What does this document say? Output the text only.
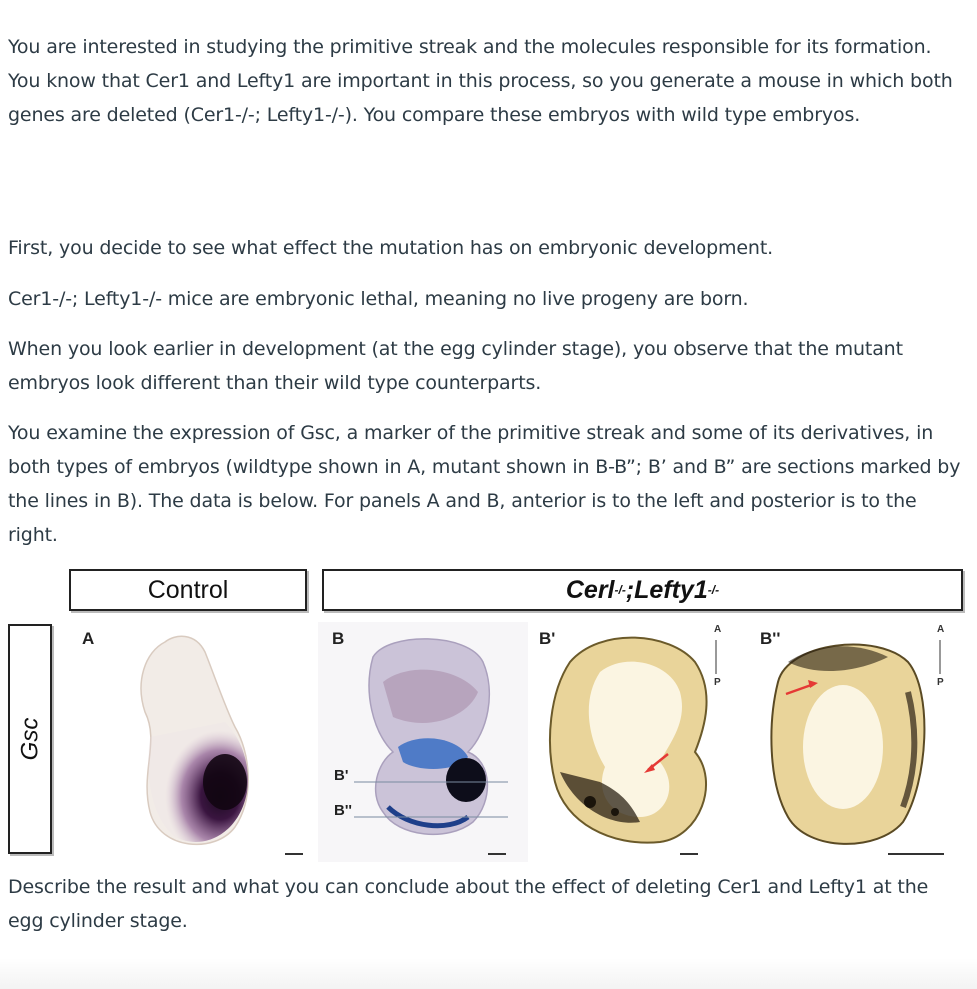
You are interested in studying the primitive streak and the molecules responsible for its formation. You know that Cer1 and Lefty1 are important in this process, so you generate a mouse in which both genes are deleted (Cer1-/-; Lefty1-/-). You compare these embryos with wild type embryos.

First, you decide to see what effect the mutation has on embryonic development.

Cer1-/-; Lefty1-/- mice are embryonic lethal, meaning no live progeny are born.

When you look earlier in development (at the egg cylinder stage), you observe that the mutant embryos look different than their wild type counterparts.

You examine the expression of Gsc, a marker of the primitive streak and some of its derivatives, in both types of embryos (wildtype shown in A, mutant shown in B-B”; B’ and B” are sections marked by the lines in B). The data is below. For panels A and B, anterior is to the left and posterior is to the right.

Control	Cerl -/- ;Lefty1 -/-
Gsc
A	B
B'
B''
B'	A
P
B''	A
P

Describe the result and what you can conclude about the effect of deleting Cer1 and Lefty1 at the egg cylinder stage.
